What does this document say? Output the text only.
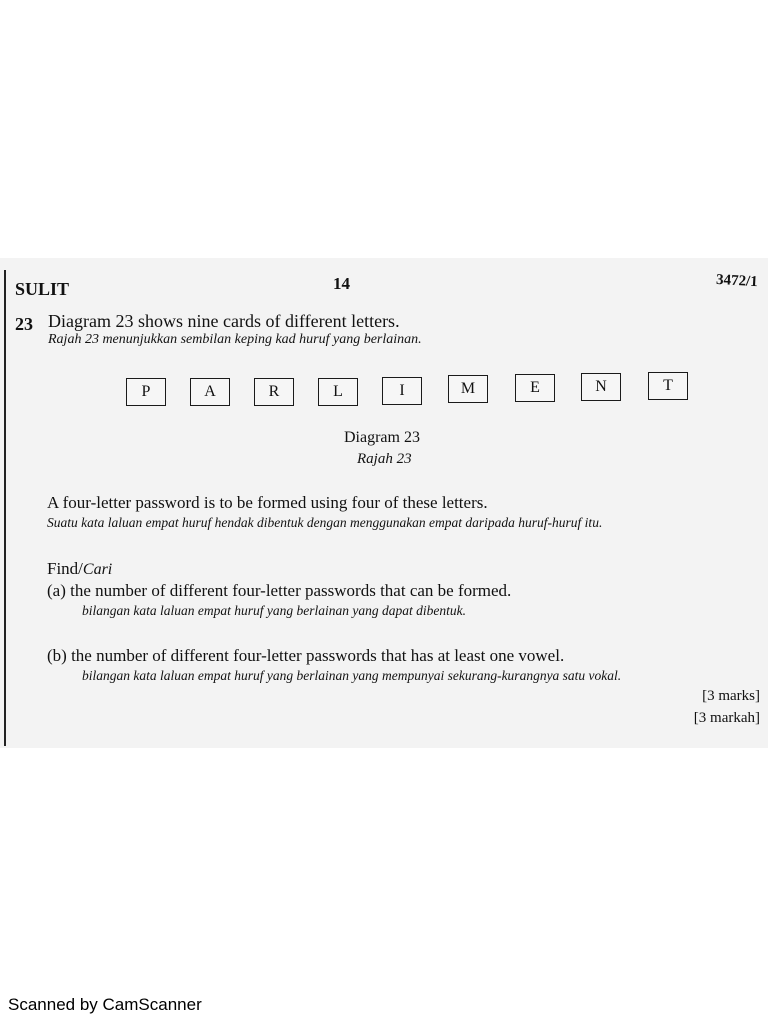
SULIT	14	3472/1
23 Diagram 23 shows nine cards of different letters.
Rajah 23 menunjukkan sembilan keping kad huruf yang berlainan.
P	A	R	L	I	M	E	N	T
Diagram 23
Rajah 23
A four-letter password is to be formed using four of these letters.
Suatu kata laluan empat huruf hendak dibentuk dengan menggunakan empat daripada huruf-huruf itu.
Find/Cari
(a) the number of different four-letter passwords that can be formed.
bilangan kata laluan empat huruf yang berlainan yang dapat dibentuk.
(b) the number of different four-letter passwords that has at least one vowel.
bilangan kata laluan empat huruf yang berlainan yang mempunyai sekurang-kurangnya satu vokal.
[3 marks]
[3 markah]
Scanned by CamScanner
